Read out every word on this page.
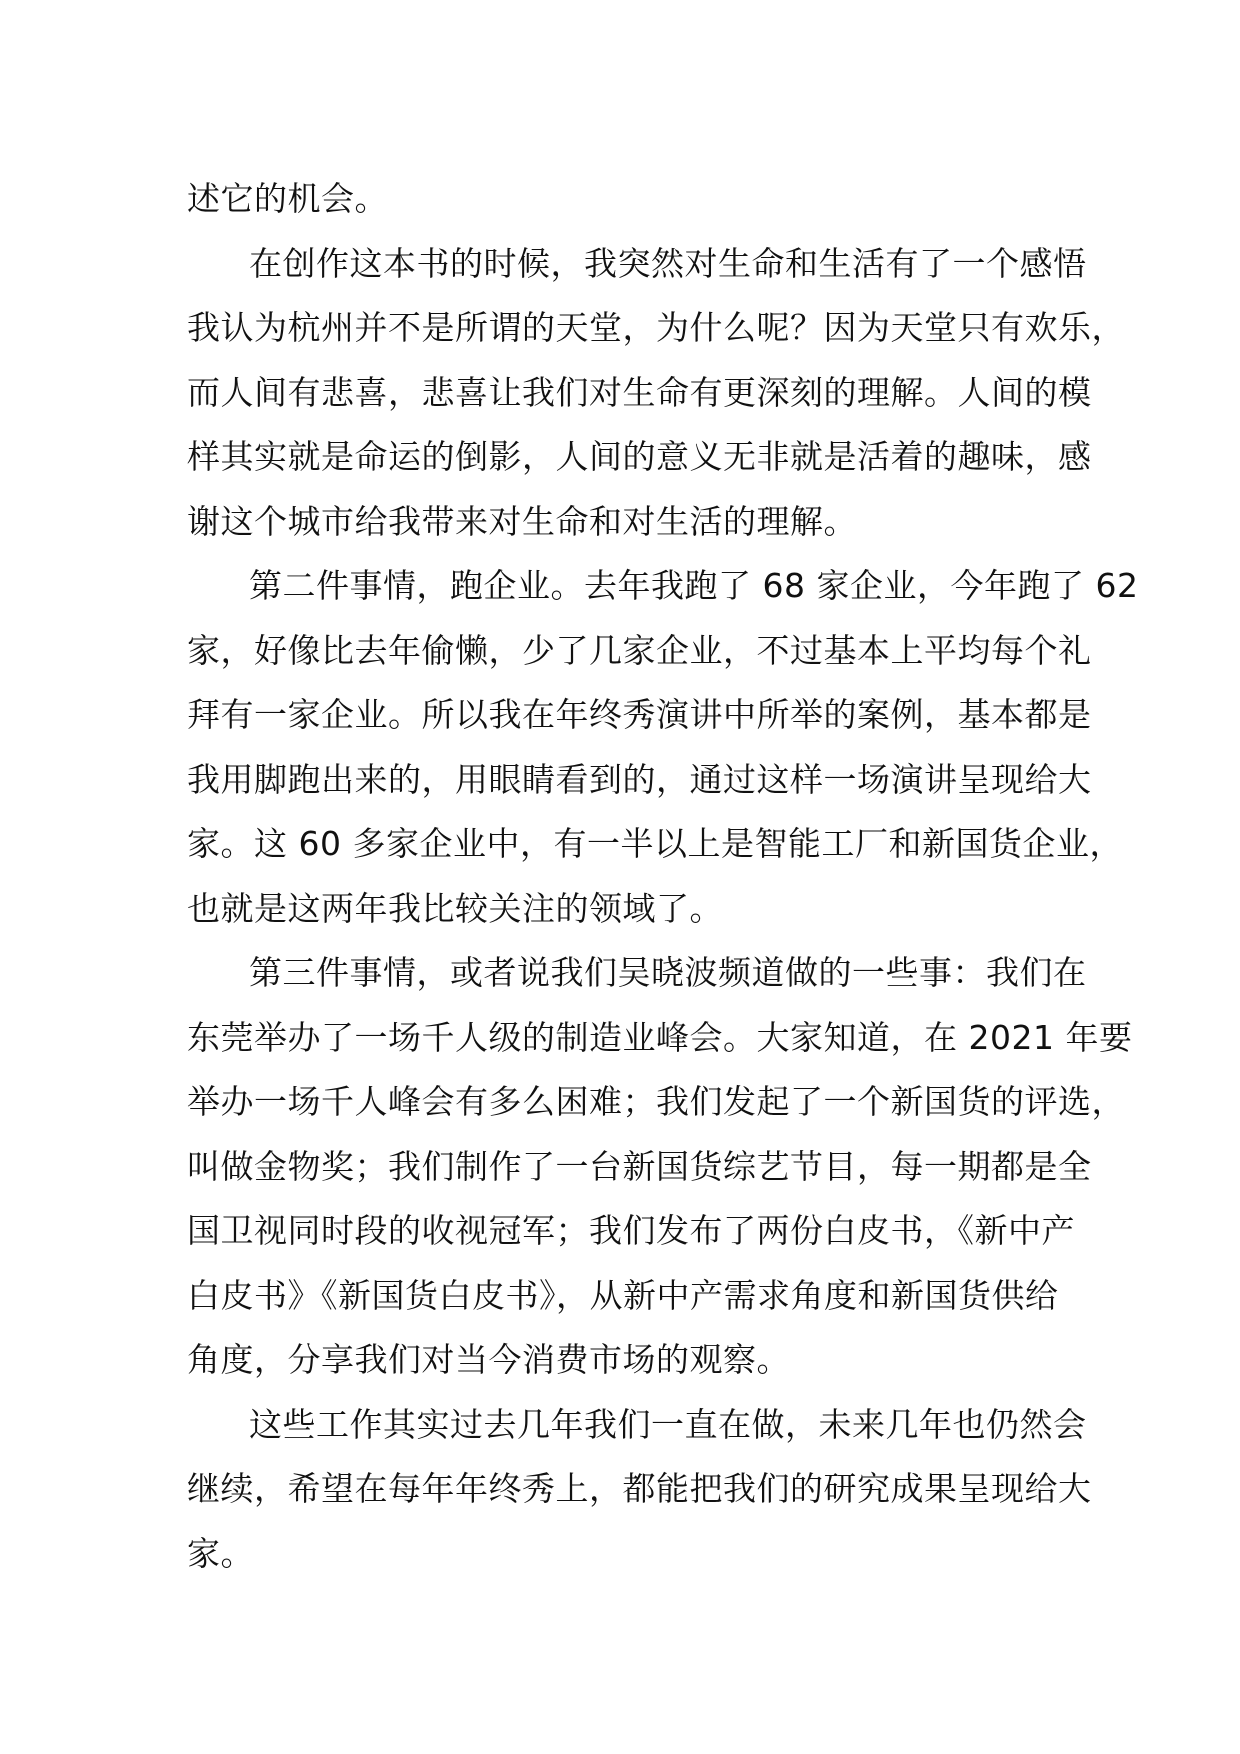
述它的机会。
在创作这本书的时候，我突然对生命和生活有了一个感悟
我认为杭州并不是所谓的天堂，为什么呢？因为天堂只有欢乐，
而人间有悲喜，悲喜让我们对生命有更深刻的理解。人间的模
样其实就是命运的倒影，人间的意义无非就是活着的趣味，感
谢这个城市给我带来对生命和对生活的理解。
第二件事情，跑企业。去年我跑了 68 家企业，今年跑了 62
家，好像比去年偷懒，少了几家企业，不过基本上平均每个礼
拜有一家企业。所以我在年终秀演讲中所举的案例，基本都是
我用脚跑出来的，用眼睛看到的，通过这样一场演讲呈现给大
家。这 60 多家企业中，有一半以上是智能工厂和新国货企业，
也就是这两年我比较关注的领域了。
第三件事情，或者说我们吴晓波频道做的一些事：我们在
东莞举办了一场千人级的制造业峰会。大家知道，在 2021 年要
举办一场千人峰会有多么困难；我们发起了一个新国货的评选，
叫做金物奖；我们制作了一台新国货综艺节目，每一期都是全
国卫视同时段的收视冠军；我们发布了两份白皮书，《新中产
白皮书》《新国货白皮书》，从新中产需求角度和新国货供给
角度，分享我们对当今消费市场的观察。
这些工作其实过去几年我们一直在做，未来几年也仍然会
继续，希望在每年年终秀上，都能把我们的研究成果呈现给大
家。
